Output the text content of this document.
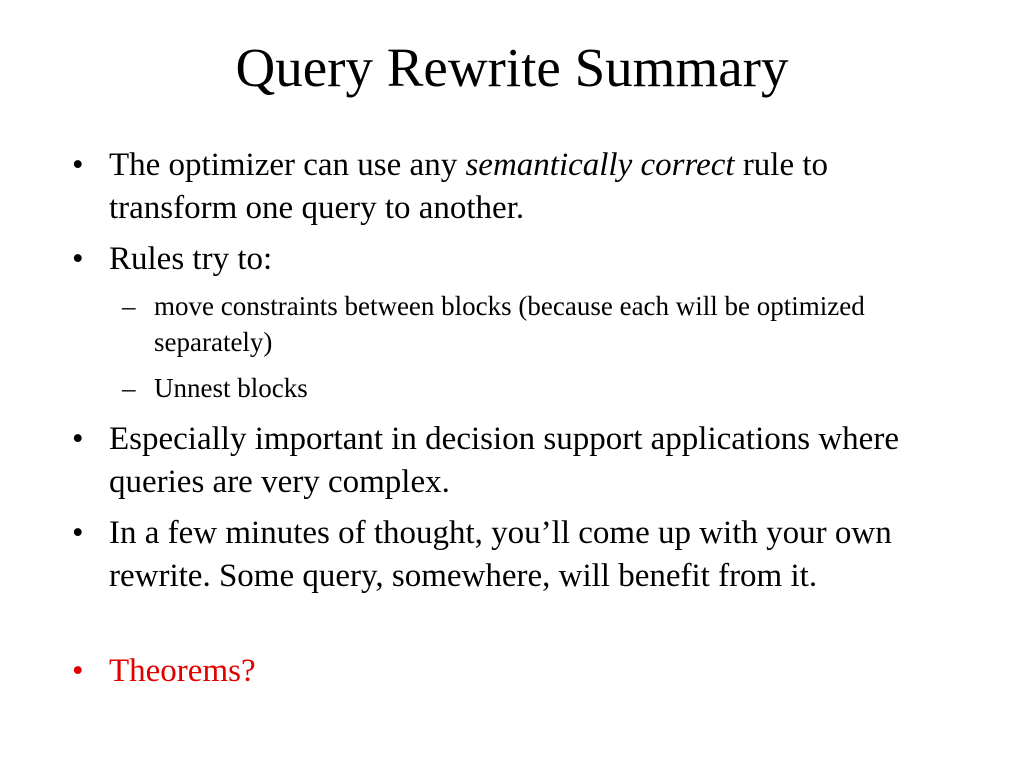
Query Rewrite Summary
• The optimizer can use any semantically correct rule to transform one query to another.
• Rules try to:
– move constraints between blocks (because each will be optimized separately)
– Unnest blocks
• Especially important in decision support applications where queries are very complex.
• In a few minutes of thought, you’ll come up with your own rewrite. Some query, somewhere, will benefit from it.
• Theorems?
